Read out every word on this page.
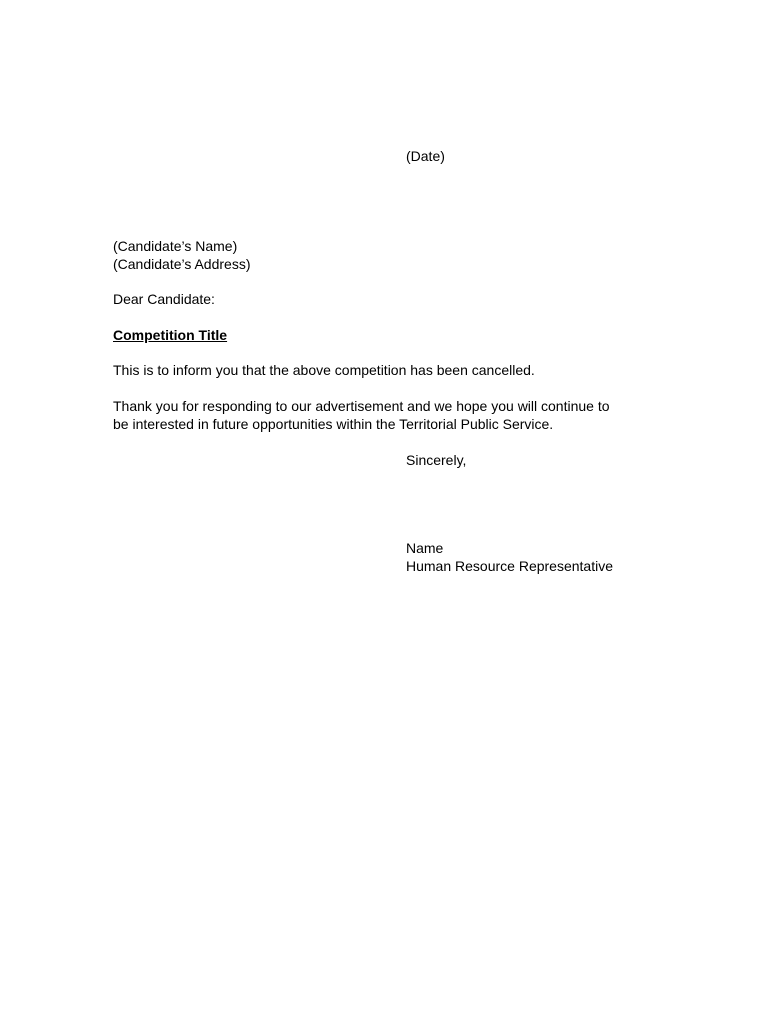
(Date)
(Candidate’s Name)
(Candidate’s Address)
Dear Candidate:
Competition Title
This is to inform you that the above competition has been cancelled.
Thank you for responding to our advertisement and we hope you will continue to
be interested in future opportunities within the Territorial Public Service.
Sincerely,
Name
Human Resource Representative
